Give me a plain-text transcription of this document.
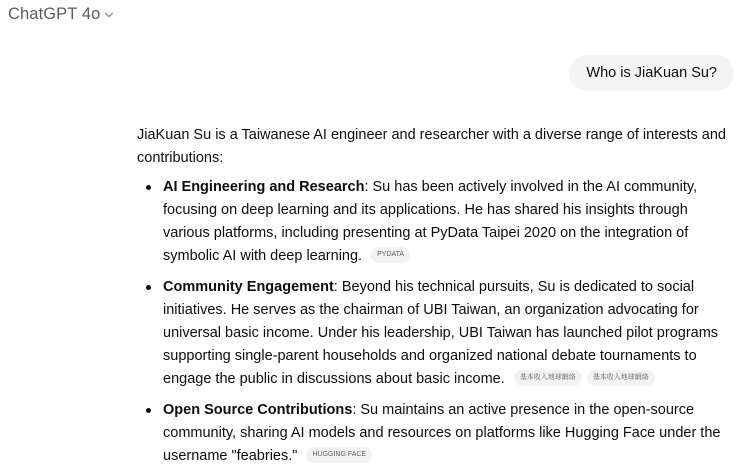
ChatGPT 4o
Who is JiaKuan Su?

JiaKuan Su is a Taiwanese AI engineer and researcher with a diverse range of interests and contributions:

AI Engineering and Research: Su has been actively involved in the AI community, focusing on deep learning and its applications. He has shared his insights through various platforms, including presenting at PyData Taipei 2020 on the integration of symbolic AI with deep learning. PYDATA
Community Engagement: Beyond his technical pursuits, Su is dedicated to social initiatives. He serves as the chairman of UBI Taiwan, an organization advocating for universal basic income. Under his leadership, UBI Taiwan has launched pilot programs supporting single-parent households and organized national debate tournaments to engage the public in discussions about basic income. 基本收入地球網絡 基本收入地球網絡
Open Source Contributions: Su maintains an active presence in the open-source community, sharing AI models and resources on platforms like Hugging Face under the username "feabries." HUGGING FACE
